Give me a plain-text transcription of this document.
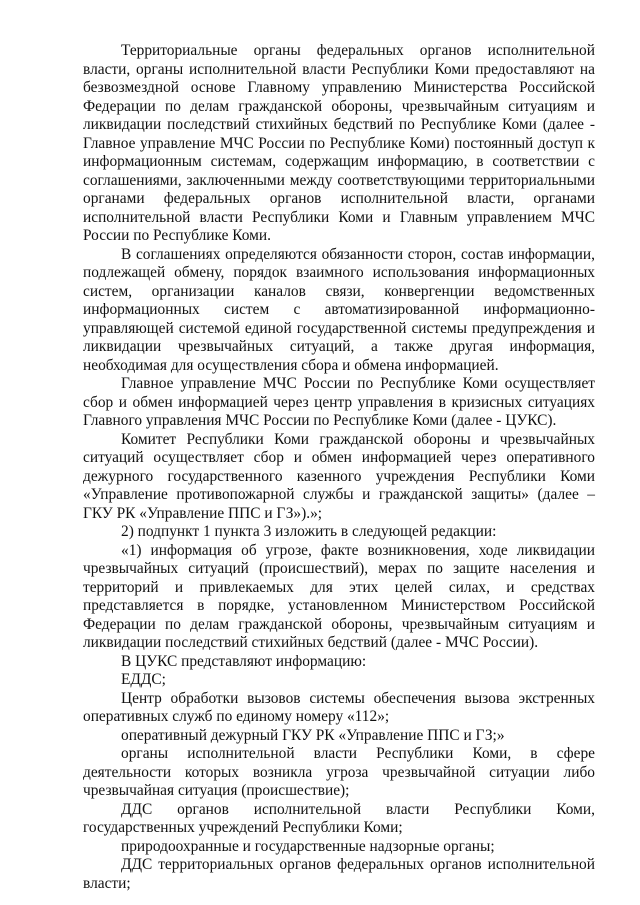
Территориальные органы федеральных органов исполнительной власти, органы исполнительной власти Республики Коми предоставляют на безвозмездной основе Главному управлению Министерства Российской Федерации по делам гражданской обороны, чрезвычайным ситуациям и ликвидации последствий стихийных бедствий по Республике Коми (далее - Главное управление МЧС России по Республике Коми) постоянный доступ к информационным системам, содержащим информацию, в соответствии с соглашениями, заключенными между соответствующими территориальными органами федеральных органов исполнительной власти, органами исполнительной власти Республики Коми и Главным управлением МЧС России по Республике Коми.

В соглашениях определяются обязанности сторон, состав информации, подлежащей обмену, порядок взаимного использования информационных систем, организации каналов связи, конвергенции ведомственных информационных систем с автоматизированной информационно-управляющей системой единой государственной системы предупреждения и ликвидации чрезвычайных ситуаций, а также другая информация, необходимая для осуществления сбора и обмена информацией.

Главное управление МЧС России по Республике Коми осуществляет сбор и обмен информацией через центр управления в кризисных ситуациях Главного управления МЧС России по Республике Коми (далее - ЦУКС).

Комитет Республики Коми гражданской обороны и чрезвычайных ситуаций осуществляет сбор и обмен информацией через оперативного дежурного государственного казенного учреждения Республики Коми «Управление противопожарной службы и гражданской защиты» (далее – ГКУ РК «Управление ППС и ГЗ»).»;

2) подпункт 1 пункта 3 изложить в следующей редакции:

«1) информация об угрозе, факте возникновения, ходе ликвидации чрезвычайных ситуаций (происшествий), мерах по защите населения и территорий и привлекаемых для этих целей силах, и средствах представляется в порядке, установленном Министерством Российской Федерации по делам гражданской обороны, чрезвычайным ситуациям и ликвидации последствий стихийных бедствий (далее - МЧС России).

В ЦУКС представляют информацию:

ЕДДС;

Центр обработки вызовов системы обеспечения вызова экстренных оперативных служб по единому номеру «112»;

оперативный дежурный ГКУ РК «Управление ППС и ГЗ;»

органы исполнительной власти Республики Коми, в сфере деятельности которых возникла угроза чрезвычайной ситуации либо чрезвычайная ситуация (происшествие);

ДДС органов исполнительной власти Республики Коми, государственных учреждений Республики Коми;

природоохранные и государственные надзорные органы;

ДДС территориальных органов федеральных органов исполнительной власти;
